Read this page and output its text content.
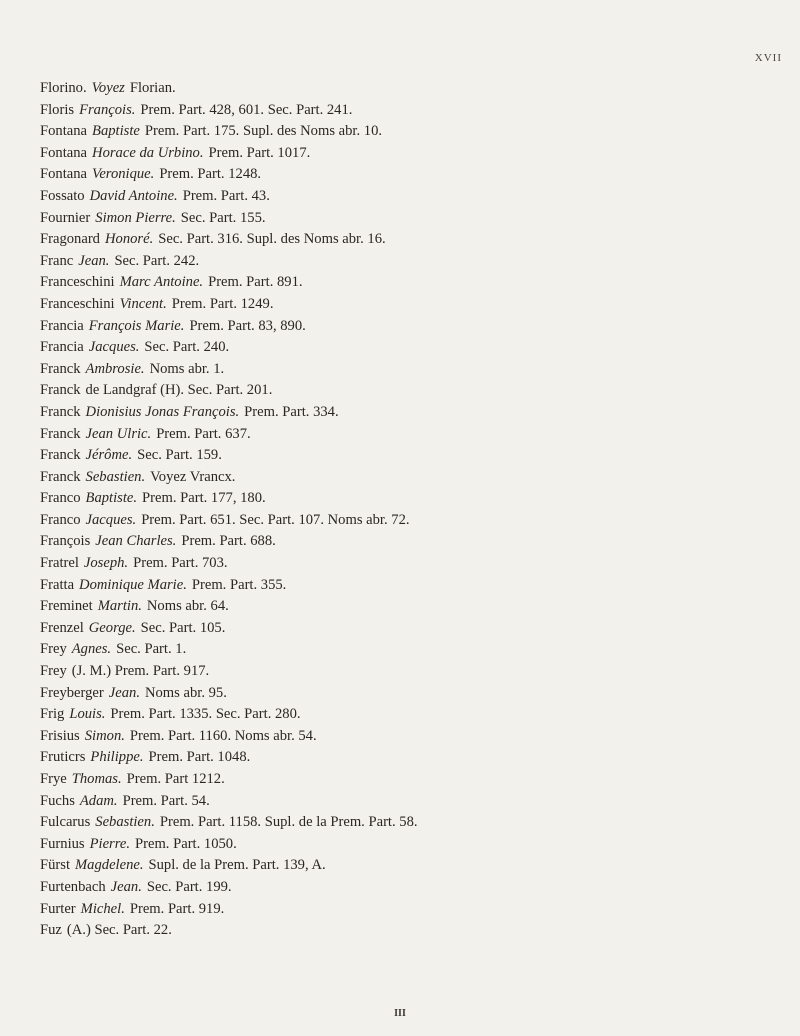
XVII
Florino. Voyez Florian.
Floris François. Prem. Part. 428, 601. Sec. Part. 241.
Fontana Baptiste Prem. Part. 175. Supl. des Noms abr. 10.
Fontana Horace da Urbino. Prem. Part. 1017.
Fontana Veronique. Prem. Part. 1248.
Fossato David Antoine. Prem. Part. 43.
Fournier Simon Pierre. Sec. Part. 155.
Fragonard Honoré. Sec. Part. 316. Supl. des Noms abr. 16.
Franc Jean. Sec. Part. 242.
Franceschini Marc Antoine. Prem. Part. 891.
Franceschini Vincent. Prem. Part. 1249.
Francia François Marie. Prem. Part. 83, 890.
Francia Jacques. Sec. Part. 240.
Franck Ambrosie. Noms abr. 1.
Franck de Landgraf (H). Sec. Part. 201.
Franck Dionisius Jonas François. Prem. Part. 334.
Franck Jean Ulric. Prem. Part. 637.
Franck Jérôme. Sec. Part. 159.
Franck Sebastien. Voyez Vrancx.
Franco Baptiste. Prem. Part. 177, 180.
Franco Jacques. Prem. Part. 651. Sec. Part. 107. Noms abr. 72.
François Jean Charles. Prem. Part. 688.
Fratrel Joseph. Prem. Part. 703.
Fratta Dominique Marie. Prem. Part. 355.
Freminet Martin. Noms abr. 64.
Frenzel George. Sec. Part. 105.
Frey Agnes. Sec. Part. 1.
Frey (J. M.) Prem. Part. 917.
Freyberger Jean. Noms abr. 95.
Frig Louis. Prem. Part. 1335. Sec. Part. 280.
Frisius Simon. Prem. Part. 1160. Noms abr. 54.
Fruticrs Philippe. Prem. Part. 1048.
Frye Thomas. Prem. Part 1212.
Fuchs Adam. Prem. Part. 54.
Fulcarus Sebastien. Prem. Part. 1158. Supl. de la Prem. Part. 58.
Furnius Pierre. Prem. Part. 1050.
Fürst Magdelene. Supl. de la Prem. Part. 139, A.
Furtenbach Jean. Sec. Part. 199.
Furter Michel. Prem. Part. 919.
Fuz (A.) Sec. Part. 22.
III
